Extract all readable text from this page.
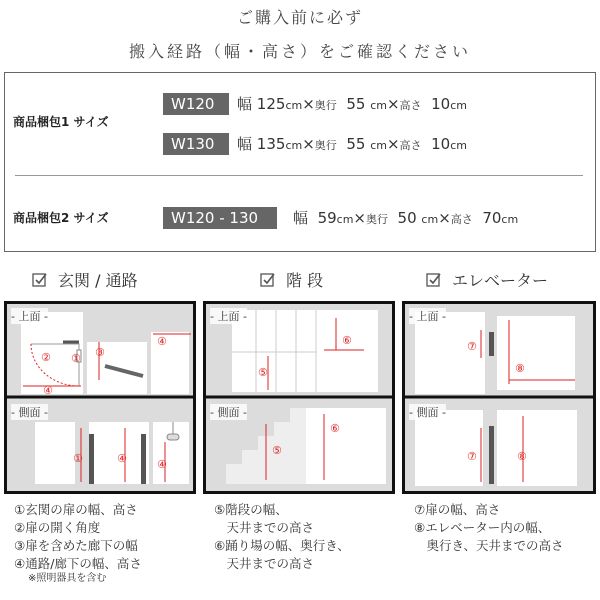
ご購入前に必ず
搬入経路（幅・高さ）をご確認ください
商品梱包1 サイズ
W120	幅 125cm×奥行 55 cm×高さ 10cm
W130	幅 135cm×奥行 55 cm×高さ 10cm
商品梱包2 サイズ	W120 - 130	幅 59cm×奥行 50 cm×高さ 70cm
玄関 / 通路	階 段	エレベーター
- 上面 -
- 側面 -
② ① ③
④
④
①	④	④
- 上面 -
- 側面 -
⑤
⑥
⑤
⑥
- 上面 -
- 側面 -
⑦
⑧
⑦	⑧
①玄関の扉の幅、高さ
②扉の開く角度
③扉を含めた廊下の幅
④通路/廊下の幅、高さ
※照明器具を含む
⑤階段の幅、
　天井までの高さ
⑥踊り場の幅、奥行き、
　天井までの高さ
⑦扉の幅、高さ
⑧エレベーター内の幅、
　奥行き、天井までの高さ
